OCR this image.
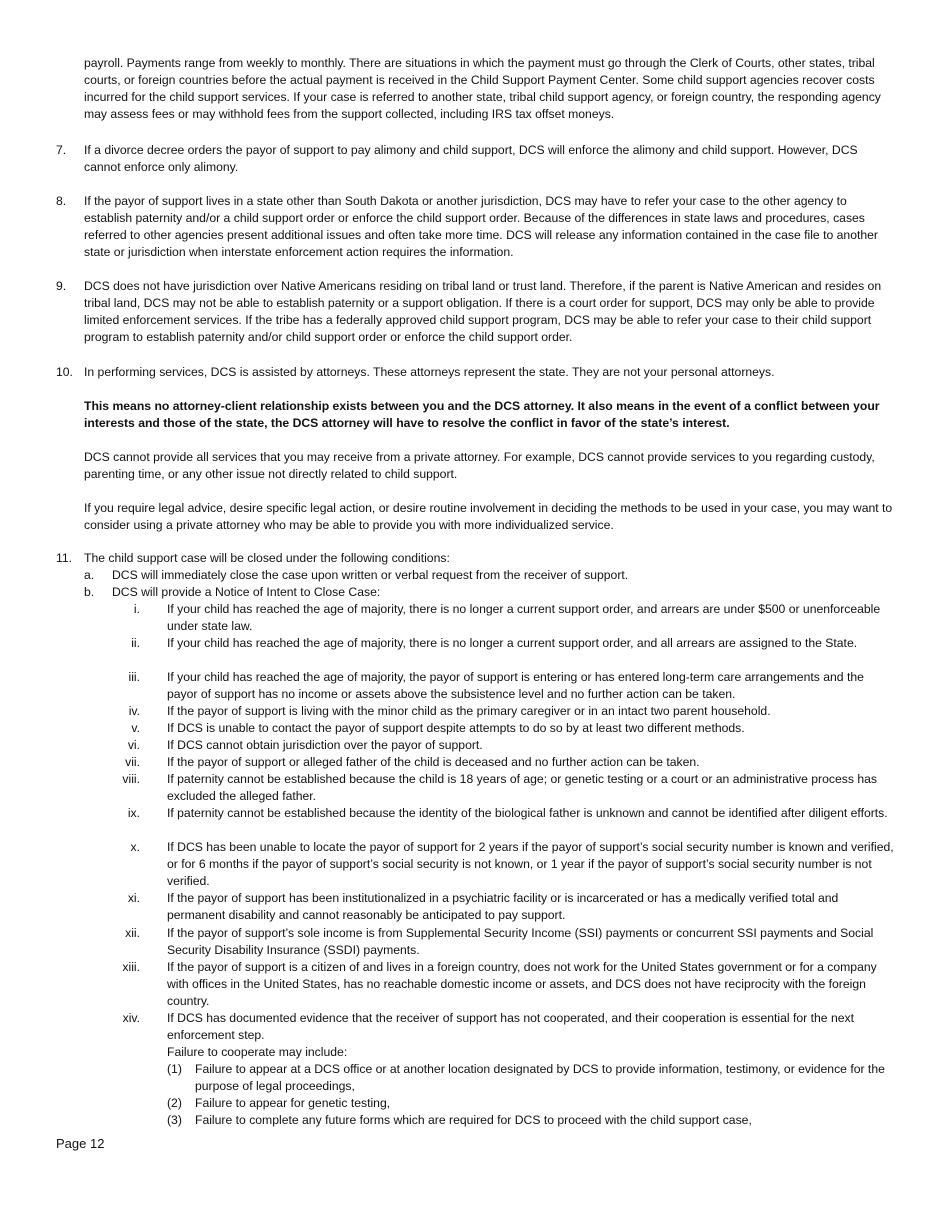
payroll. Payments range from weekly to monthly. There are situations in which the payment must go through the Clerk of Courts, other states, tribal courts, or foreign countries before the actual payment is received in the Child Support Payment Center. Some child support agencies recover costs incurred for the child support services. If your case is referred to another state, tribal child support agency, or foreign country, the responding agency may assess fees or may withhold fees from the support collected, including IRS tax offset moneys.

7. If a divorce decree orders the payor of support to pay alimony and child support, DCS will enforce the alimony and child support. However, DCS cannot enforce only alimony.

8. If the payor of support lives in a state other than South Dakota or another jurisdiction, DCS may have to refer your case to the other agency to establish paternity and/or a child support order or enforce the child support order. Because of the differences in state laws and procedures, cases referred to other agencies present additional issues and often take more time. DCS will release any information contained in the case file to another state or jurisdiction when interstate enforcement action requires the information.

9. DCS does not have jurisdiction over Native Americans residing on tribal land or trust land. Therefore, if the parent is Native American and resides on tribal land, DCS may not be able to establish paternity or a support obligation. If there is a court order for support, DCS may only be able to provide limited enforcement services. If the tribe has a federally approved child support program, DCS may be able to refer your case to their child support program to establish paternity and/or child support order or enforce the child support order.

10. In performing services, DCS is assisted by attorneys. These attorneys represent the state. They are not your personal attorneys.

This means no attorney-client relationship exists between you and the DCS attorney. It also means in the event of a conflict between your interests and those of the state, the DCS attorney will have to resolve the conflict in favor of the state’s interest.

DCS cannot provide all services that you may receive from a private attorney. For example, DCS cannot provide services to you regarding custody, parenting time, or any other issue not directly related to child support.

If you require legal advice, desire specific legal action, or desire routine involvement in deciding the methods to be used in your case, you may want to consider using a private attorney who may be able to provide you with more individualized service.

11. The child support case will be closed under the following conditions:

a. DCS will immediately close the case upon written or verbal request from the receiver of support.

b. DCS will provide a Notice of Intent to Close Case:

i. If your child has reached the age of majority, there is no longer a current support order, and arrears are under $500 or unenforceable under state law.

ii. If your child has reached the age of majority, there is no longer a current support order, and all arrears are assigned to the State.

iii. If your child has reached the age of majority, the payor of support is entering or has entered long-term care arrangements and the payor of support has no income or assets above the subsistence level and no further action can be taken.

iv. If the payor of support is living with the minor child as the primary caregiver or in an intact two parent household.

v. If DCS is unable to contact the payor of support despite attempts to do so by at least two different methods.

vi. If DCS cannot obtain jurisdiction over the payor of support.

vii. If the payor of support or alleged father of the child is deceased and no further action can be taken.

viii. If paternity cannot be established because the child is 18 years of age; or genetic testing or a court or an administrative process has excluded the alleged father.

ix. If paternity cannot be established because the identity of the biological father is unknown and cannot be identified after diligent efforts.

x. If DCS has been unable to locate the payor of support for 2 years if the payor of support’s social security number is known and verified, or for 6 months if the payor of support’s social security is not known, or 1 year if the payor of support’s social security number is not verified.

xi. If the payor of support has been institutionalized in a psychiatric facility or is incarcerated or has a medically verified total and permanent disability and cannot reasonably be anticipated to pay support.

xii. If the payor of support’s sole income is from Supplemental Security Income (SSI) payments or concurrent SSI payments and Social Security Disability Insurance (SSDI) payments.

xiii. If the payor of support is a citizen of and lives in a foreign country, does not work for the United States government or for a company with offices in the United States, has no reachable domestic income or assets, and DCS does not have reciprocity with the foreign country.

xiv. If DCS has documented evidence that the receiver of support has not cooperated, and their cooperation is essential for the next enforcement step.

Failure to cooperate may include:

(1) Failure to appear at a DCS office or at another location designated by DCS to provide information, testimony, or evidence for the purpose of legal proceedings,

(2) Failure to appear for genetic testing,

(3) Failure to complete any future forms which are required for DCS to proceed with the child support case,

Page 12
